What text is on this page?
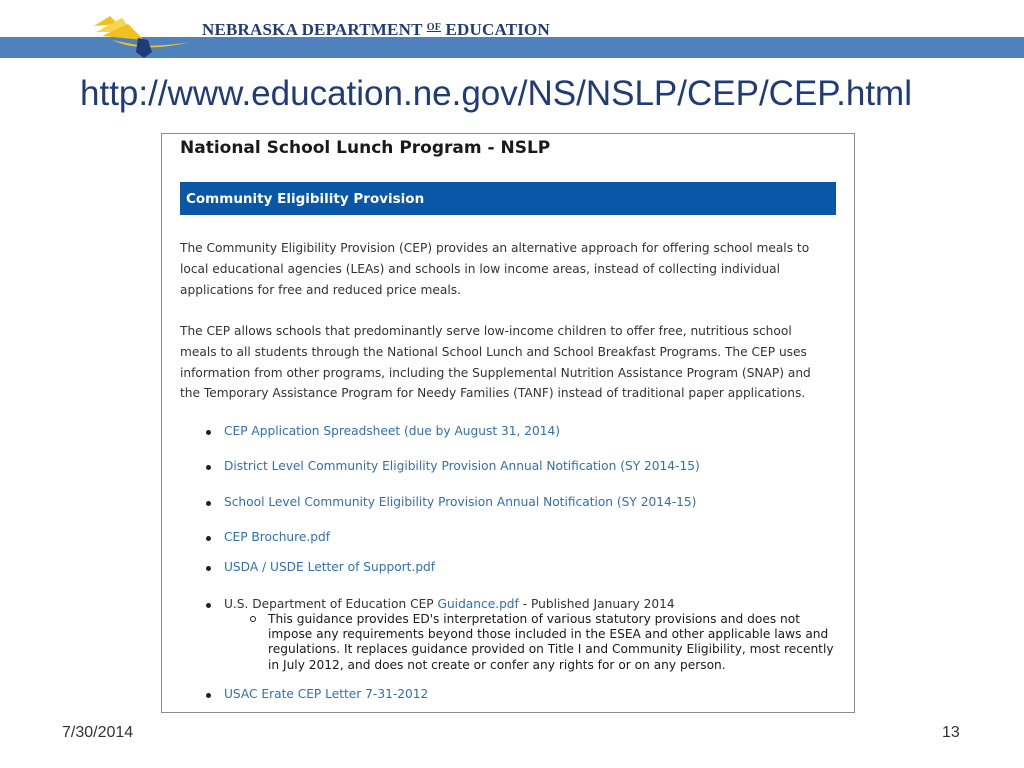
NEBRASKA DEPARTMENT $^{OF}$ EDUCATION
http://www.education.ne.gov/NS/NSLP/CEP/CEP.html
National School Lunch Program - NSLP
Community Eligibility Provision

The Community Eligibility Provision (CEP) provides an alternative approach for offering school meals to local educational agencies (LEAs) and schools in low income areas, instead of collecting individual applications for free and reduced price meals.

The CEP allows schools that predominantly serve low-income children to offer free, nutritious school meals to all students through the National School Lunch and School Breakfast Programs. The CEP uses information from other programs, including the Supplemental Nutrition Assistance Program (SNAP) and the Temporary Assistance Program for Needy Families (TANF) instead of traditional paper applications.

CEP Application Spreadsheet (due by August 31, 2014)
District Level Community Eligibility Provision Annual Notification (SY 2014-15)
School Level Community Eligibility Provision Annual Notification (SY 2014-15)
CEP Brochure.pdf
USDA / USDE Letter of Support.pdf
U.S. Department of Education CEP Guidance.pdf - Published January 2014
This guidance provides ED's interpretation of various statutory provisions and does not impose any requirements beyond those included in the ESEA and other applicable laws and regulations. It replaces guidance provided on Title I and Community Eligibility, most recently in July 2012, and does not create or confer any rights for or on any person.
USAC Erate CEP Letter 7-31-2012
7/30/2014	13
